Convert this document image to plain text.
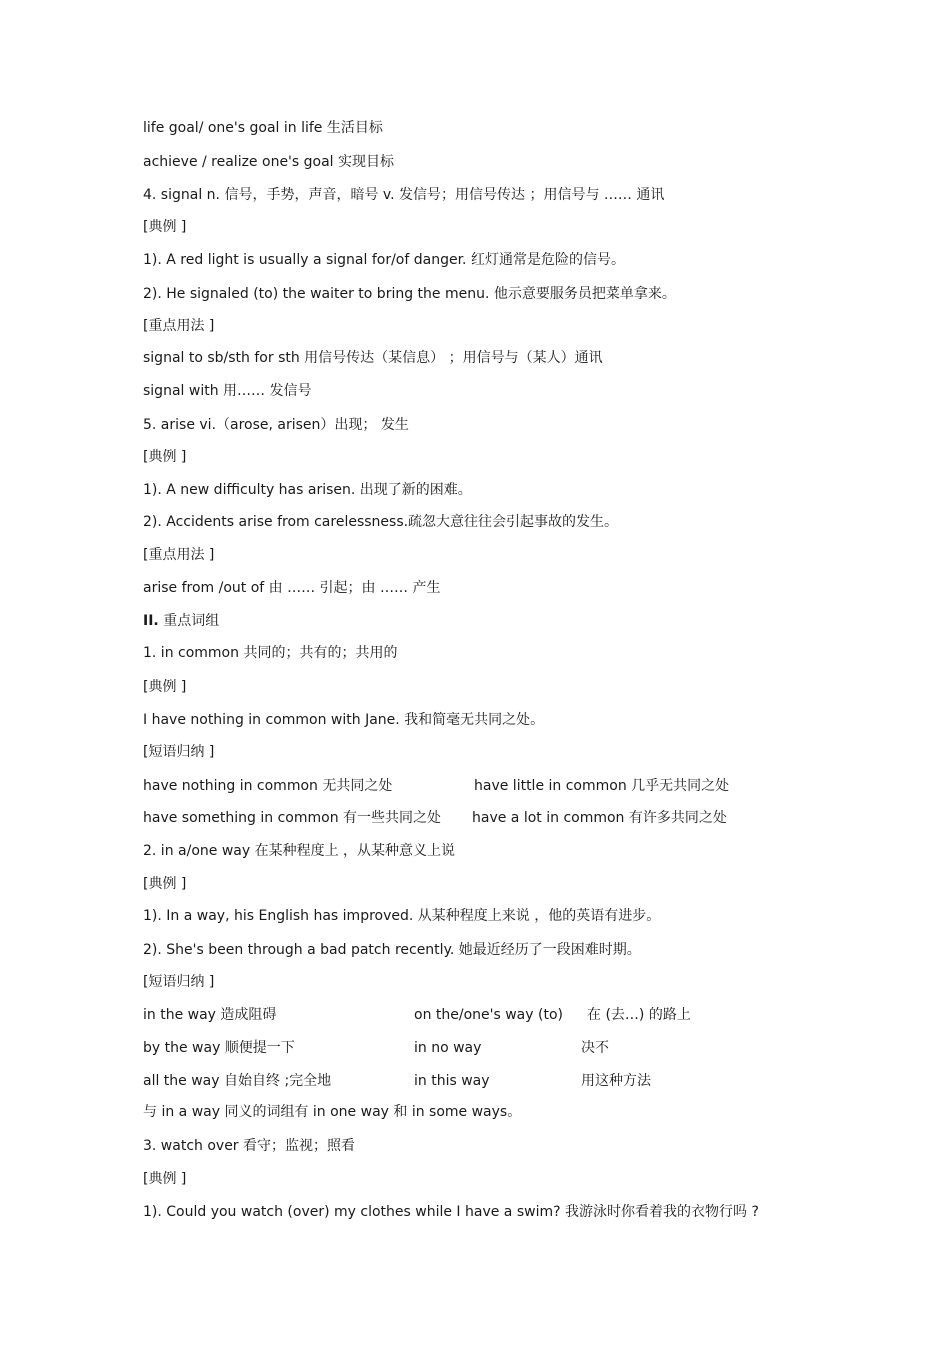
life goal/ one's goal in life 生活目标
achieve / realize one's goal 实现目标
4. signal n. 信号，手势，声音，暗号 v. 发信号；用信号传达 ；用信号与 …… 通讯
[典例 ]
1). A red light is usually a signal for/of danger. 红灯通常是危险的信号。
2). He signaled (to) the waiter to bring the menu. 他示意要服务员把菜单拿来。
[重点用法 ]
signal to sb/sth for sth 用信号传达（某信息） ；用信号与（某人）通讯
signal with 用…… 发信号
5. arise vi.（arose, arisen）出现； 发生
[典例 ]
1). A new difficulty has arisen. 出现了新的困难。
2). Accidents arise from carelessness.疏忽大意往往会引起事故的发生。
[重点用法 ]
arise from /out of 由 …… 引起；由 …… 产生
II. 重点词组
1. in common 共同的；共有的；共用的
[典例 ]
I have nothing in common with Jane. 我和简毫无共同之处。
[短语归纳 ]
have nothing in common 无共同之处	have little in common 几乎无共同之处
have something in common 有一些共同之处 have a lot in common 有许多共同之处
2. in a/one way 在某种程度上 ，从某种意义上说
[典例 ]
1). In a way, his English has improved. 从某种程度上来说 ，他的英语有进步。
2). She's been through a bad patch recently. 她最近经历了一段困难时期。
[短语归纳 ]
in the way 造成阻碍	on the/one's way (to) 在 (去…) 的路上
by the way 顺便提一下	in no way	决不
all the way 自始自终 ;完全地	in this way	用这种方法
与 in a way 同义的词组有 in one way 和 in some ways。
3. watch over 看守；监视；照看
[典例 ]
1). Could you watch (over) my clothes while I have a swim? 我游泳时你看着我的衣物行吗 ?
